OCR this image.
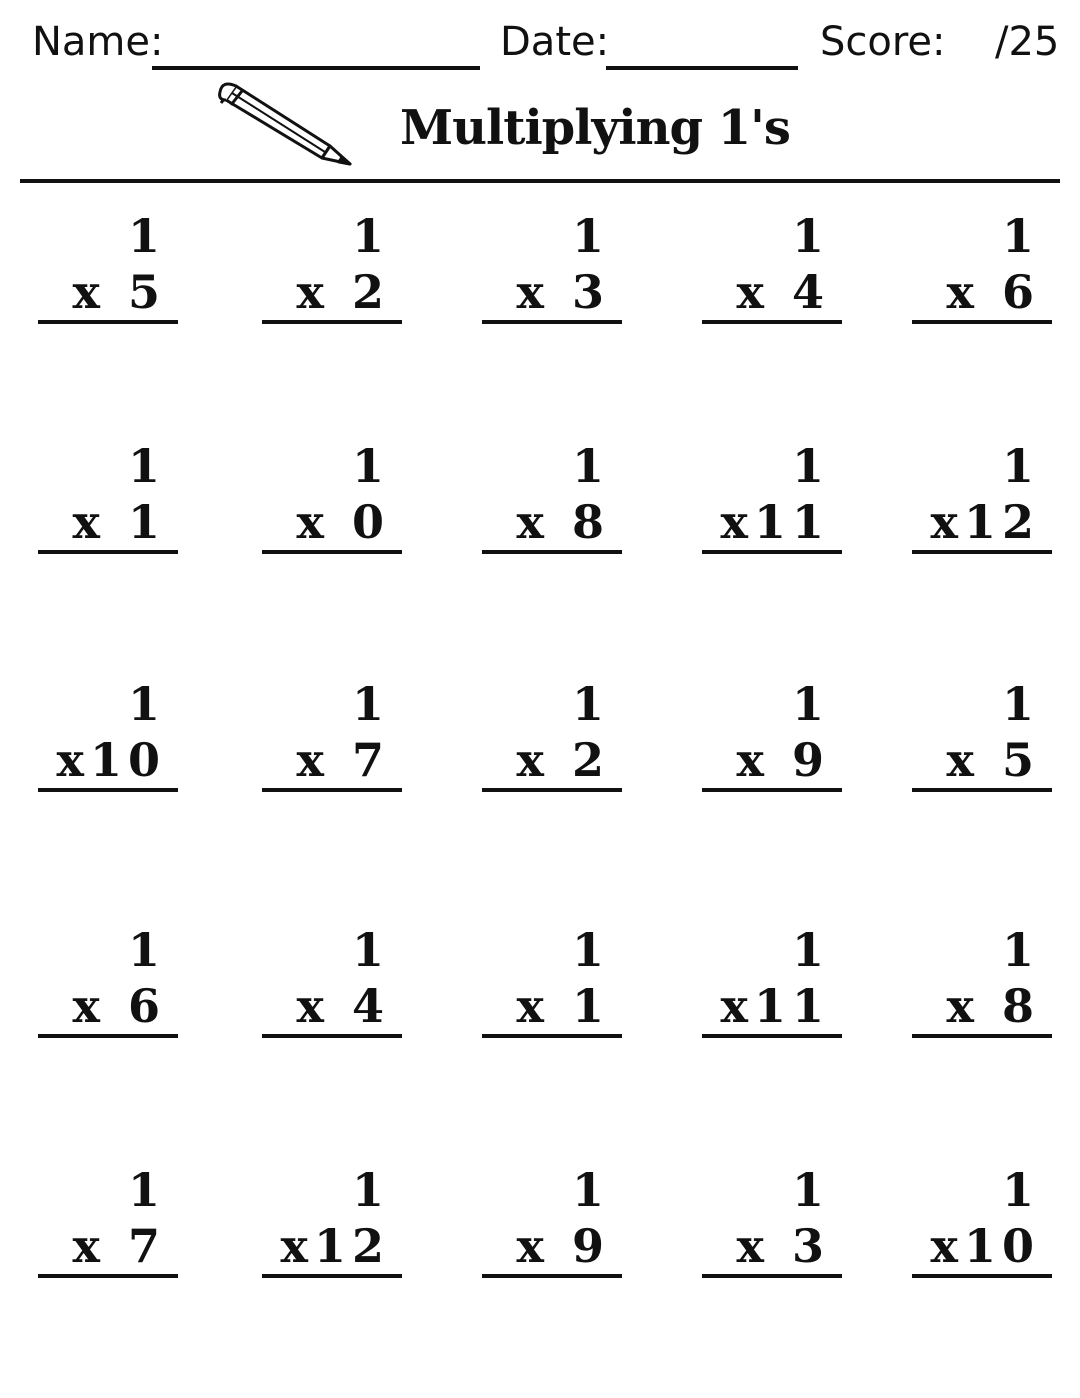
Name:	Date:	Score: /25
Multiplying 1's
1
x 5
1
x 2
1
x 3
1
x 4
1
x 6
1
x 1
1
x 0
1
x 8
1
x11
1
x12
1
x10
1
x 7
1
x 2
1
x 9
1
x 5
1
x 6
1
x 4
1
x 1
1
x11
1
x 8
1
x 7
1
x12
1
x 9
1
x 3
1
x10
